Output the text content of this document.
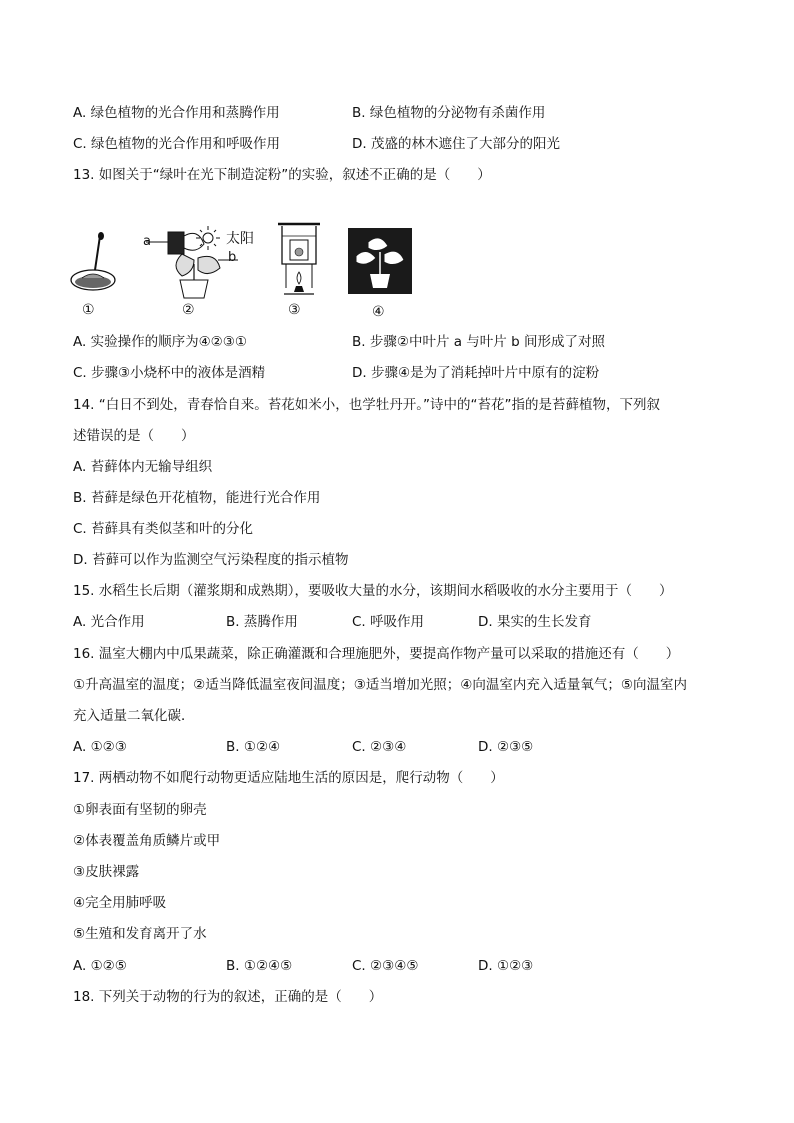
A. 绿色植物的光合作用和蒸腾作用	B. 绿色植物的分泌物有杀菌作用
C. 绿色植物的光合作用和呼吸作用	D. 茂盛的林木遮住了大部分的阳光
13. 如图关于“绿叶在光下制造淀粉”的实验，叙述不正确的是（　　）
①
a
b
太阳
②	③	④
A. 实验操作的顺序为④②③①	B. 步骤②中叶片 a 与叶片 b 间形成了对照
C. 步骤③小烧杯中的液体是酒精	D. 步骤④是为了消耗掉叶片中原有的淀粉
14. “白日不到处，青春恰自来。苔花如米小，也学牡丹开。”诗中的“苔花”指的是苔藓植物，下列叙
述错误的是（　　）
A. 苔藓体内无输导组织
B. 苔藓是绿色开花植物，能进行光合作用
C. 苔藓具有类似茎和叶的分化
D. 苔藓可以作为监测空气污染程度的指示植物
15. 水稻生长后期（灌浆期和成熟期），要吸收大量的水分，该期间水稻吸收的水分主要用于（　　）
A. 光合作用	B. 蒸腾作用	C. 呼吸作用	D. 果实的生长发育
16. 温室大棚内中瓜果蔬菜，除正确灌溉和合理施肥外，要提高作物产量可以采取的措施还有（　　）
①升高温室的温度；②适当降低温室夜间温度；③适当增加光照；④向温室内充入适量氧气；⑤向温室内
充入适量二氧化碳．
A. ①②③	B. ①②④	C. ②③④	D. ②③⑤
17. 两栖动物不如爬行动物更适应陆地生活的原因是，爬行动物（　　）
①卵表面有坚韧的卵壳
②体表覆盖角质鳞片或甲
③皮肤裸露
④完全用肺呼吸
⑤生殖和发育离开了水
A. ①②⑤	B. ①②④⑤	C. ②③④⑤	D. ①②③
18. 下列关于动物的行为的叙述，正确的是（　　）
